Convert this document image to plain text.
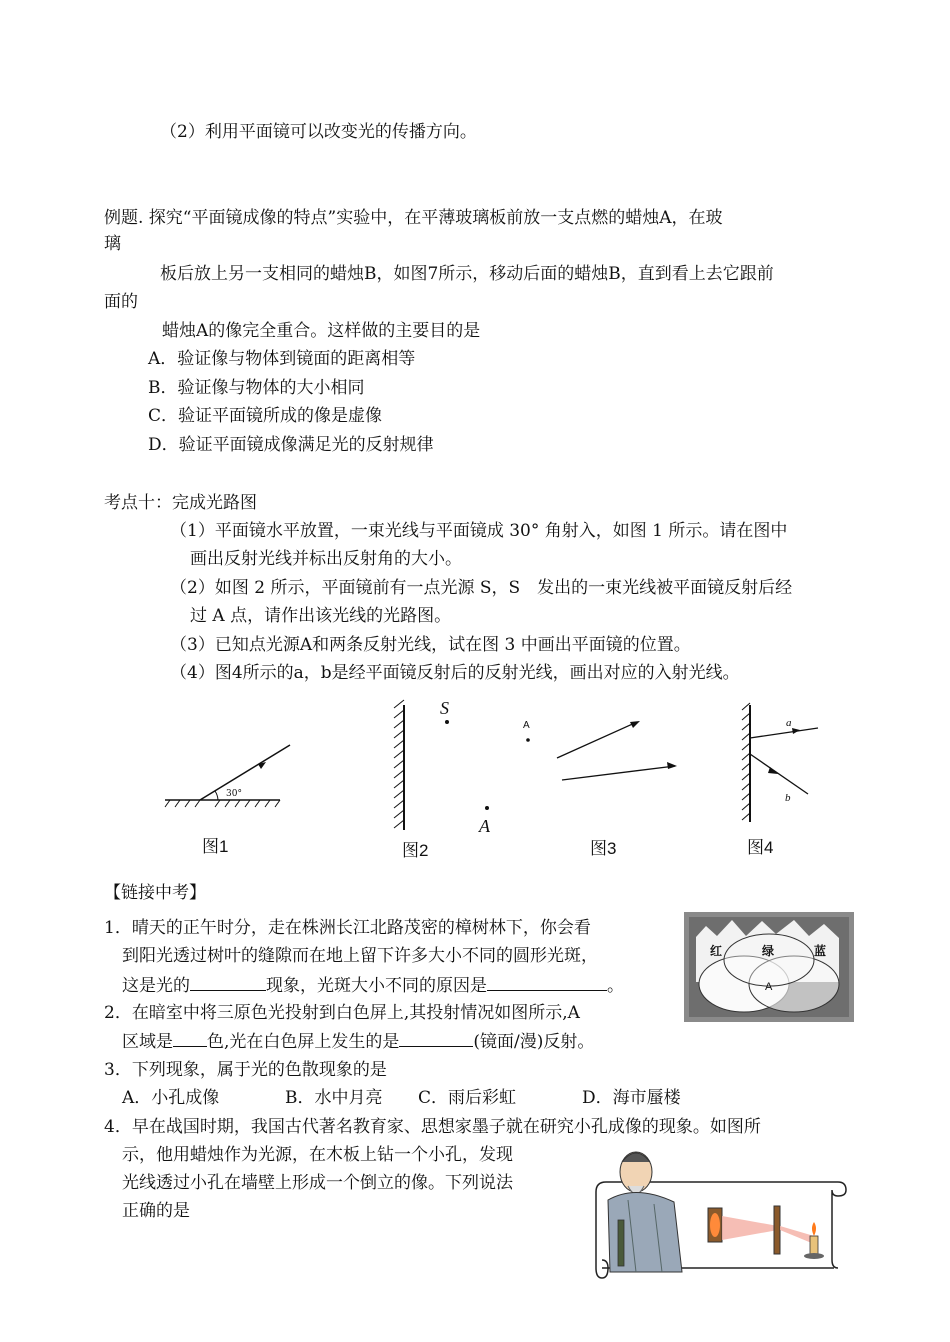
（2）利用平面镜可以改变光的传播方向。
例题. 探究“平面镜成像的特点”实验中，在平薄玻璃板前放一支点燃的蜡烛A，在玻
璃
板后放上另一支相同的蜡烛B，如图7所示，移动后面的蜡烛B，直到看上去它跟前
面的
蜡烛A的像完全重合。这样做的主要目的是
A．验证像与物体到镜面的距离相等
B．验证像与物体的大小相同
C．验证平面镜所成的像是虚像
D．验证平面镜成像满足光的反射规律
考点十：完成光路图
（1）平面镜水平放置，一束光线与平面镜成 30° 角射入，如图 1 所示。请在图中
画出反射光线并标出反射角的大小。
（2）如图 2 所示，平面镜前有一点光源 S，S　发出的一束光线被平面镜反射后经
过 A 点，请作出该光线的光路图。
（3）已知点光源A和两条反射光线，试在图 3 中画出平面镜的位置。
（4）图4所示的a，b是经平面镜反射后的反射光线，画出对应的入射光线。
30°
图1
S
A
图2
A
图3
a
b
图4
【链接中考】
1．晴天的正午时分，走在株洲长江北路茂密的樟树林下，你会看
到阳光透过树叶的缝隙而在地上留下许多大小不同的圆形光斑，
这是光的	现象，光斑大小不同的原因是	。
2．在暗室中将三原色光投射到白色屏上,其投射情况如图所示,A
区域是 色,光在白色屏上发生的是	(镜面/漫)反射。
红	绿	蓝
A
3．下列现象，属于光的色散现象的是
A．小孔成像	B．水中月亮 C．雨后彩虹	D．海市蜃楼
4．早在战国时期，我国古代著名教育家、思想家墨子就在研究小孔成像的现象。如图所
示，他用蜡烛作为光源，在木板上钻一个小孔，发现
光线透过小孔在墙壁上形成一个倒立的像。下列说法
正确的是
